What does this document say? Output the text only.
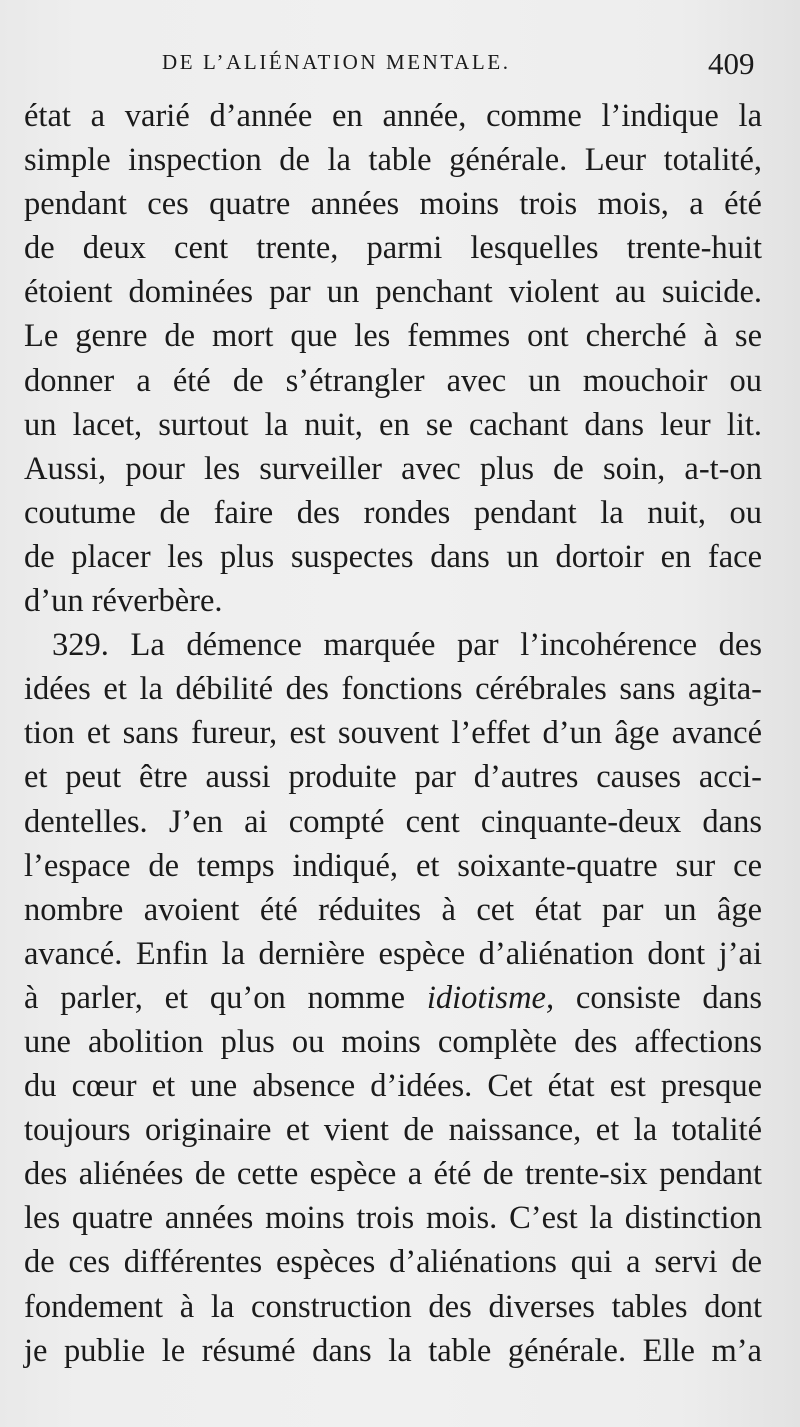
DE L’ALIÉNATION MENTALE.	409
état a varié d’année en année, comme l’indique la
simple inspection de la table générale. Leur totalité,
pendant ces quatre années moins trois mois, a été
de deux cent trente, parmi lesquelles trente-huit
étoient dominées par un penchant violent au suicide.
Le genre de mort que les femmes ont cherché à se
donner a été de s’étrangler avec un mouchoir ou
un lacet, surtout la nuit, en se cachant dans leur lit.
Aussi, pour les surveiller avec plus de soin, a-t-on
coutume de faire des rondes pendant la nuit, ou
de placer les plus suspectes dans un dortoir en face
d’un réverbère.
329. La démence marquée par l’incohérence des
idées et la débilité des fonctions cérébrales sans agita-
tion et sans fureur, est souvent l’effet d’un âge avancé
et peut être aussi produite par d’autres causes acci-
dentelles. J’en ai compté cent cinquante-deux dans
l’espace de temps indiqué, et soixante-quatre sur ce
nombre avoient été réduites à cet état par un âge
avancé. Enfin la dernière espèce d’aliénation dont j’ai
à parler, et qu’on nomme idiotisme, consiste dans
une abolition plus ou moins complète des affections
du cœur et une absence d’idées. Cet état est presque
toujours originaire et vient de naissance, et la totalité
des aliénées de cette espèce a été de trente-six pendant
les quatre années moins trois mois. C’est la distinction
de ces différentes espèces d’aliénations qui a servi de
fondement à la construction des diverses tables dont
je publie le résumé dans la table générale. Elle m’a
